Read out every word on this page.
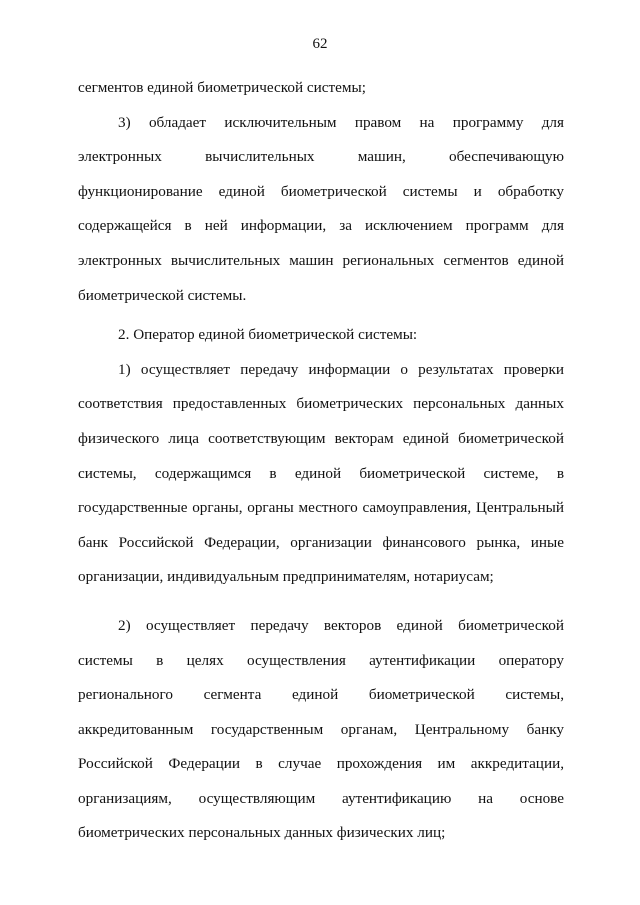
62

сегментов единой биометрической системы;

3) обладает исключительным правом на программу для электронных вычислительных машин, обеспечивающую функционирование единой биометрической системы и обработку содержащейся в ней информации, за исключением программ для электронных вычислительных машин региональных сегментов единой биометрической системы.

2. Оператор единой биометрической системы:

1) осуществляет передачу информации о результатах проверки соответствия предоставленных биометрических персональных данных физического лица соответствующим векторам единой биометрической системы, содержащимся в единой биометрической системе, в государственные органы, органы местного самоуправления, Центральный банк Российской Федерации, организации финансового рынка, иные организации, индивидуальным предпринимателям, нотариусам;

2) осуществляет передачу векторов единой биометрической системы в целях осуществления аутентификации оператору регионального сегмента единой биометрической системы, аккредитованным государственным органам, Центральному банку Российской Федерации в случае прохождения им аккредитации, организациям, осуществляющим аутентификацию на основе биометрических персональных данных физических лиц;
